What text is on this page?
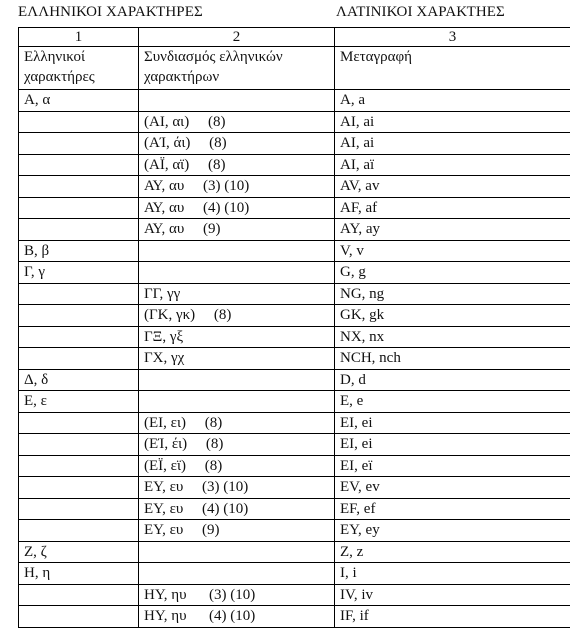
ΕΛΛΗΝΙΚΟΙ ΧΑΡΑΚΤΗΡΕΣ	ΛΑΤΙΝΙΚΟΙ ΧΑΡΑΚΤΗΕΣ
1	2	3
Ελληνικοί χαρακτήρες	Συνδιασμός ελληνικών χαρακτήρων	Μεταγραφή
Α, α		A, a
	(ΑΙ, αι)     (8)	AI, ai
	(ΑΊ, άι)     (8)	AI, ai
	(ΑΪ, αϊ)     (8)	AI, aï
	ΑΥ, αυ     (3) (10)	AV, av
	ΑΥ, αυ     (4) (10)	AF, af
	ΑΥ, αυ     (9)	AY, ay
Β, β		V, v
Γ, γ		G, g
	ΓΓ, γγ	NG, ng
	(ΓΚ, γκ)     (8)	GK, gk
	ΓΞ, γξ	NX, nx
	ΓΧ, γχ	NCH, nch
Δ, δ		D, d
Ε, ε		E, e
	(ΕΙ, ει)     (8)	EI, ei
	(ΕΊ, έι)     (8)	EI, ei
	(ΕΪ, εϊ)     (8)	EI, eï
	ΕΥ, ευ     (3) (10)	EV, ev
	ΕΥ, ευ     (4) (10)	EF, ef
	ΕΥ, ευ     (9)	EY, ey
Ζ, ζ		Z, z
Η, η		I, i
	ΗΥ, ηυ      (3) (10)	IV, iv
	ΗΥ, ηυ      (4) (10)	IF, if
